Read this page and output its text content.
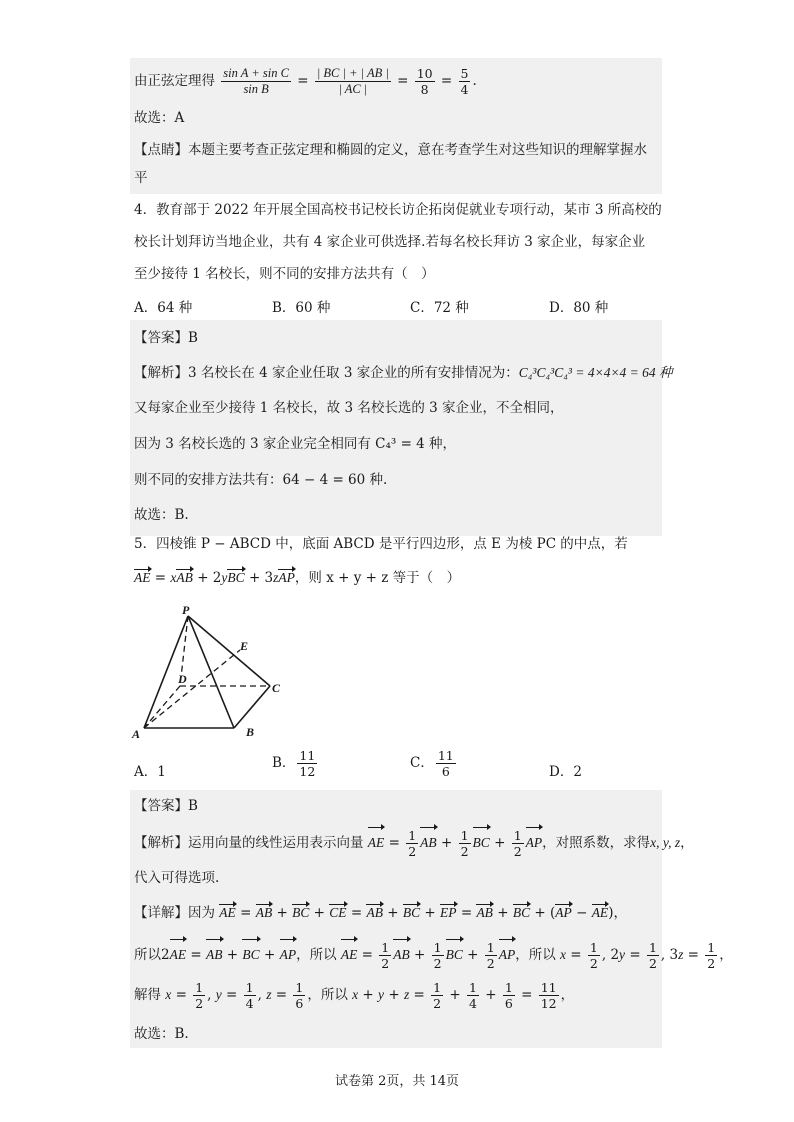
由正弦定理得 $\frac{\text{sin A + sin C}}{\text{sin B}} = \frac{| BC | + | AB |}{| AC |} = \frac{10}{8} = \frac{5}{4}$ .
故选：A
【点睛】本题主要考查正弦定理和椭圆的定义，意在考查学生对这些知识的理解掌握水
平
4．教育部于 2022 年开展全国高校书记校长访企拓岗促就业专项行动，某市 3 所高校的
校长计划拜访当地企业，共有 4 家企业可供选择.若每名校长拜访 3 家企业，每家企业
至少接待 1 名校长，则不同的安排方法共有（　）
A．64 种	B．60 种	C．72 种	D．80 种
【答案】B
【解析】3 名校长在 4 家企业任取 3 家企业的所有安排情况为：C₄³C₄³C₄³ = 4×4×4 = 64 种
又每家企业至少接待 1 名校长，故 3 名校长选的 3 家企业，不全相同，
因为 3 名校长选的 3 家企业完全相同有 C₄³ = 4 种，
则不同的安排方法共有：64 − 4 = 60 种.
故选：B.
5．四棱锥 P − ABCD 中，底面 ABCD 是平行四边形，点 E 为棱 PC 的中点，若
AE = xAB + 2yBC + 3zAP，则 x + y + z 等于（　）
P
E
D
C
A	B
A．1
B． $\frac{11}{12}$	C． $\frac{11}{6}$	D．2
【答案】B
【解析】运用向量的线性运用表示向量 AE = $\frac{1}{2}$ AB + $\frac{1}{2}$ BC + $\frac{1}{2}$ AP，对照系数，求得x, y, z，
代入可得选项.
【详解】因为 AE = AB + BC + CE = AB + BC + EP = AB + BC + (AP − AE)，
所以2AE = AB + BC + AP，所以 AE = $\frac{1}{2}$ AB + $\frac{1}{2}$ BC + $\frac{1}{2}$ AP，所以 $x = \frac{1}{2}$ , $2y = \frac{1}{2}$ , $3z = \frac{1}{2}$ ，
解得 $x = \frac{1}{2}$ , $y = \frac{1}{4}$ , $z = \frac{1}{6}$ ，所以 $x + y + z = \frac{1}{2} + \frac{1}{4} + \frac{1}{6} = \frac{11}{12}$ ，
故选：B.
试卷第 2页，共 14页
